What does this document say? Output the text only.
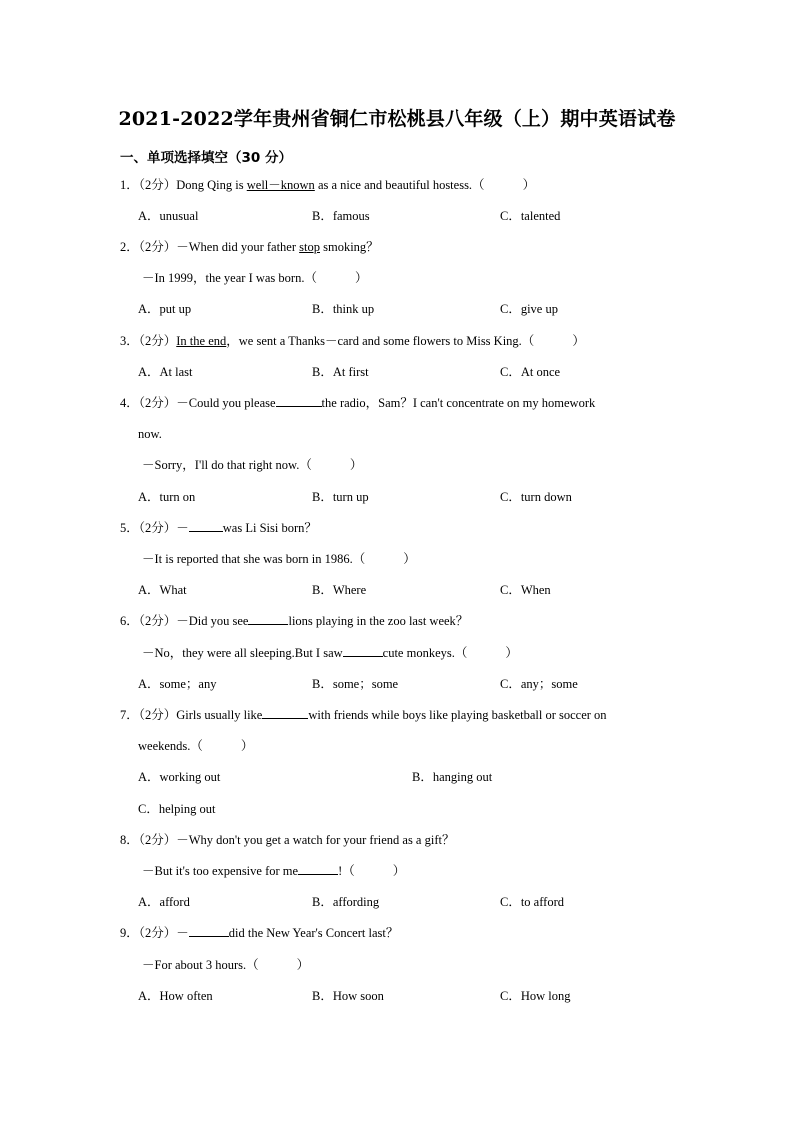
2021-2022学年贵州省铜仁市松桃县八年级（上）期中英语试卷
一、单项选择填空（30 分）
1．（2分）Dong Qing is well－known as a nice and beautiful hostess.（	）
A．unusual	B．famous	C．talented
2．（2分）－When did your father stop smoking？
－In 1999，the year I was born.（	）
A．put up	B．think up	C．give up
3．（2分）In the end，we sent a Thanks－card and some flowers to Miss King.（	）
A．At last	B．At first	C．At once
4．（2分）－Could you please	the radio，Sam？I can't concentrate on my homework
now.
－Sorry，I'll do that right now.（	）
A．turn on	B．turn up	C．turn down
5．（2分）－	was Li Sisi born？
－It is reported that she was born in 1986.（	）
A．What	B．Where	C．When
6．（2分）－Did you see	lions playing in the zoo last week？
－No，they were all sleeping.But I saw	cute monkeys.（	）
A．some；any	B．some；some	C．any；some
7．（2分）Girls usually like	with friends while boys like playing basketball or soccer on
weekends.（	）
A．working out	B．hanging out
C．helping out
8．（2分）－Why don't you get a watch for your friend as a gift？
－But it's too expensive for me	!（	）
A．afford	B．affording	C．to afford
9．（2分）－	did the New Year's Concert last？
－For about 3 hours.（	）
A．How often	B．How soon	C．How long
